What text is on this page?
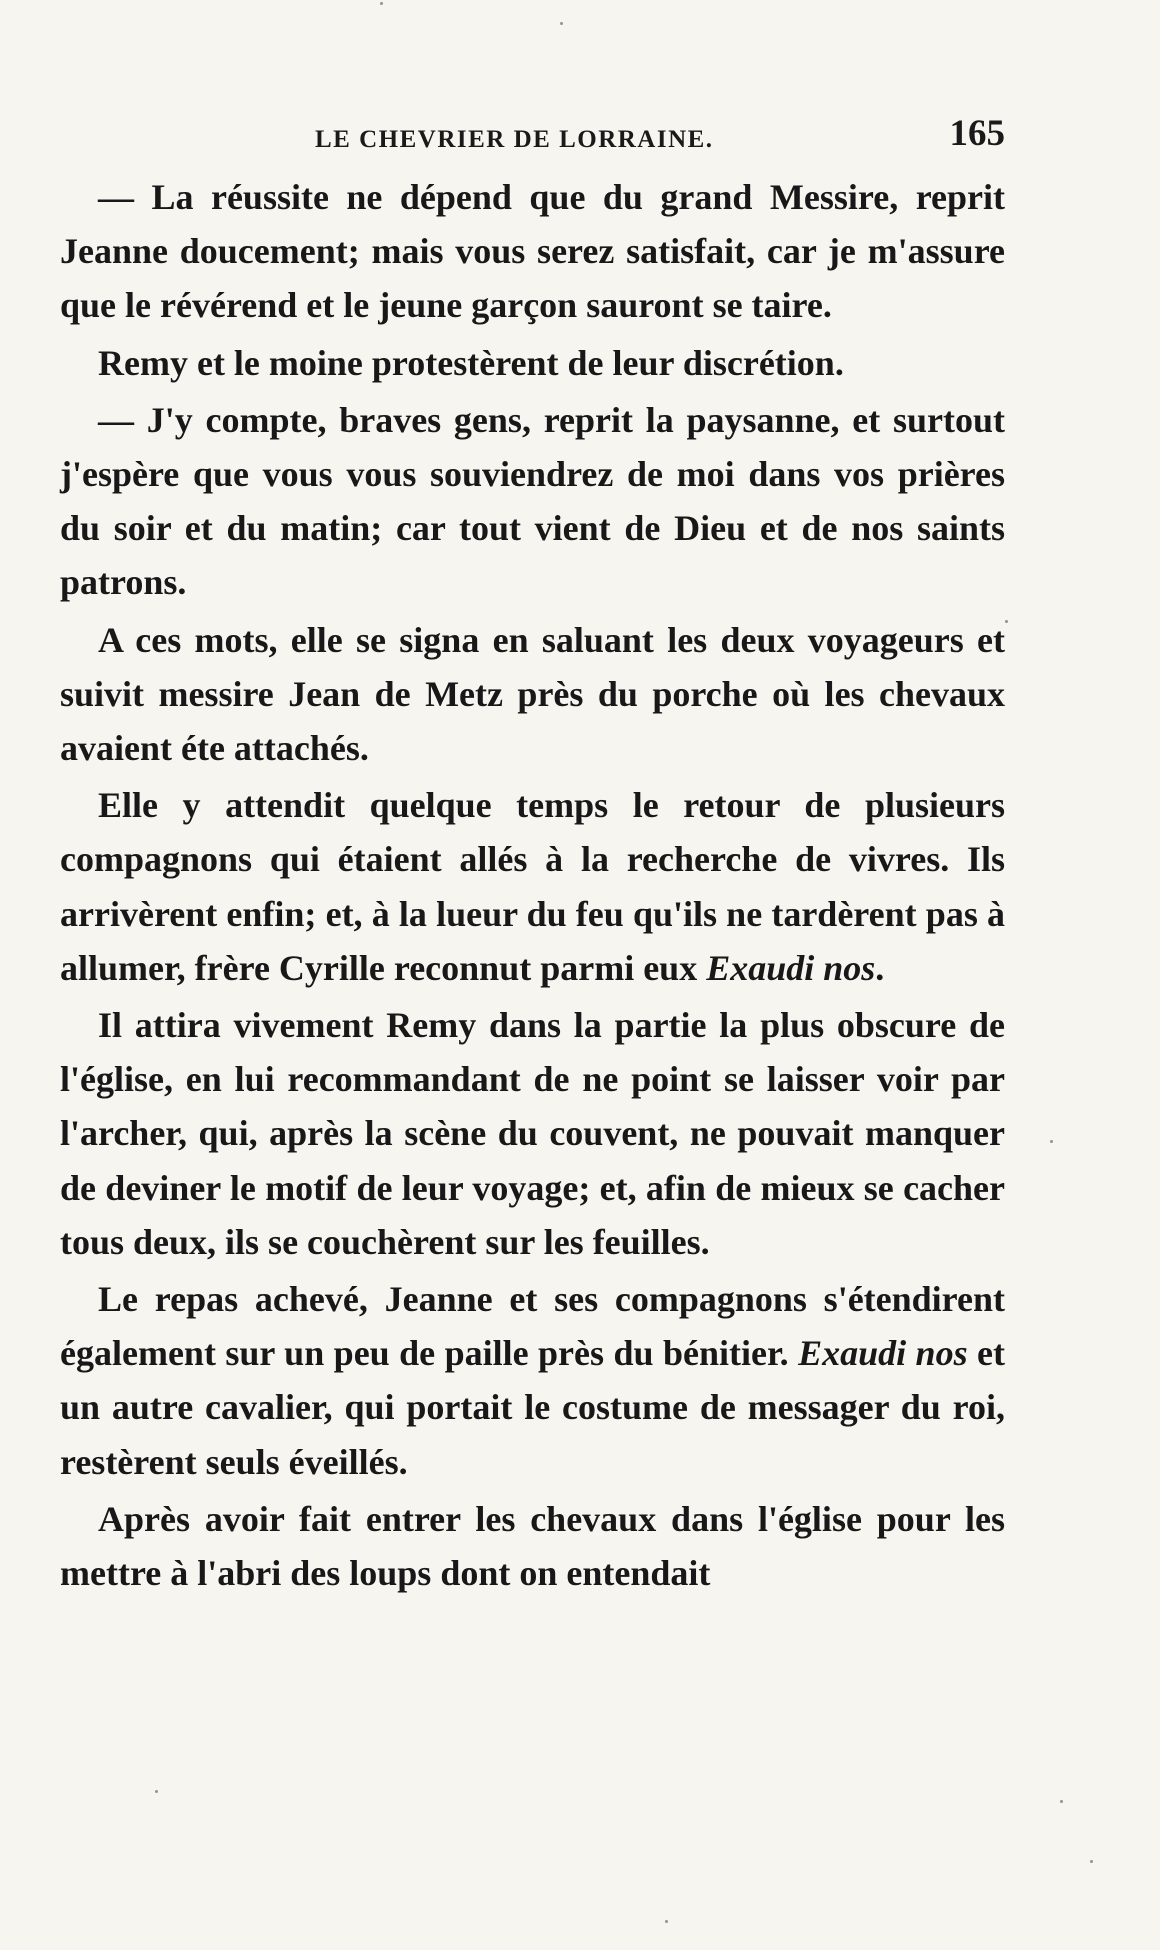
LE CHEVRIER DE LORRAINE.	165

— La réussite ne dépend que du grand Messire, reprit Jeanne doucement; mais vous serez satisfait, car je m'assure que le révérend et le jeune garçon sauront se taire.

Remy et le moine protestèrent de leur discrétion.

— J'y compte, braves gens, reprit la paysanne, et surtout j'espère que vous vous souviendrez de moi dans vos prières du soir et du matin; car tout vient de Dieu et de nos saints patrons.

A ces mots, elle se signa en saluant les deux voyageurs et suivit messire Jean de Metz près du porche où les chevaux avaient éte attachés.

Elle y attendit quelque temps le retour de plusieurs compagnons qui étaient allés à la recherche de vivres. Ils arrivèrent enfin; et, à la lueur du feu qu'ils ne tardèrent pas à allumer, frère Cyrille reconnut parmi eux Exaudi nos.

Il attira vivement Remy dans la partie la plus obscure de l'église, en lui recommandant de ne point se laisser voir par l'archer, qui, après la scène du couvent, ne pouvait manquer de deviner le motif de leur voyage; et, afin de mieux se cacher tous deux, ils se couchèrent sur les feuilles.

Le repas achevé, Jeanne et ses compagnons s'étendirent également sur un peu de paille près du bénitier. Exaudi nos et un autre cavalier, qui portait le costume de messager du roi, restèrent seuls éveillés.

Après avoir fait entrer les chevaux dans l'église pour les mettre à l'abri des loups dont on entendait
